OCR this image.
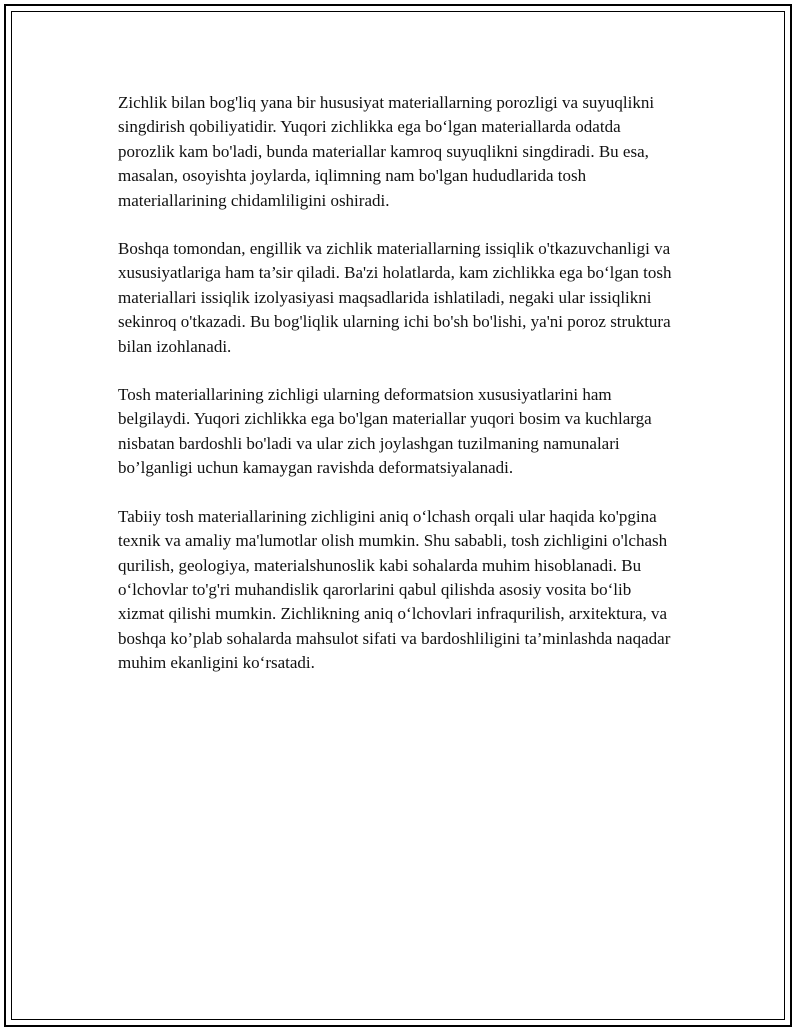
Zichlik bilan bog'liq yana bir hususiyat materiallarning porozligi va suyuqlikni singdirish qobiliyatidir. Yuqori zichlikka ega bo‘lgan materiallarda odatda porozlik kam bo'ladi, bunda materiallar kamroq suyuqlikni singdiradi. Bu esa, masalan, osoyishta joylarda, iqlimning nam bo'lgan hududlarida tosh materiallarining chidamliligini oshiradi.

Boshqa tomondan, engillik va zichlik materiallarning issiqlik o'tkazuvchanligi va xususiyatlariga ham ta’sir qiladi. Ba'zi holatlarda, kam zichlikka ega bo‘lgan tosh materiallari issiqlik izolyasiyasi maqsadlarida ishlatiladi, negaki ular issiqlikni sekinroq o'tkazadi. Bu bog'liqlik ularning ichi bo'sh bo'lishi, ya'ni poroz struktura bilan izohlanadi.

Tosh materiallarining zichligi ularning deformatsion xususiyatlarini ham belgilaydi. Yuqori zichlikka ega bo'lgan materiallar yuqori bosim va kuchlarga nisbatan bardoshli bo'ladi va ular zich joylashgan tuzilmaning namunalari bo’lganligi uchun kamaygan ravishda deformatsiyalanadi.

Tabiiy tosh materiallarining zichligini aniq o‘lchash orqali ular haqida ko'pgina texnik va amaliy ma'lumotlar olish mumkin. Shu sababli, tosh zichligini o'lchash qurilish, geologiya, materialshunoslik kabi sohalarda muhim hisoblanadi. Bu o‘lchovlar to'g'ri muhandislik qarorlarini qabul qilishda asosiy vosita bo‘lib xizmat qilishi mumkin. Zichlikning aniq o‘lchovlari infraqurilish, arxitektura, va boshqa ko’plab sohalarda mahsulot sifati va bardoshliligini ta’minlashda naqadar muhim ekanligini ko‘rsatadi.
